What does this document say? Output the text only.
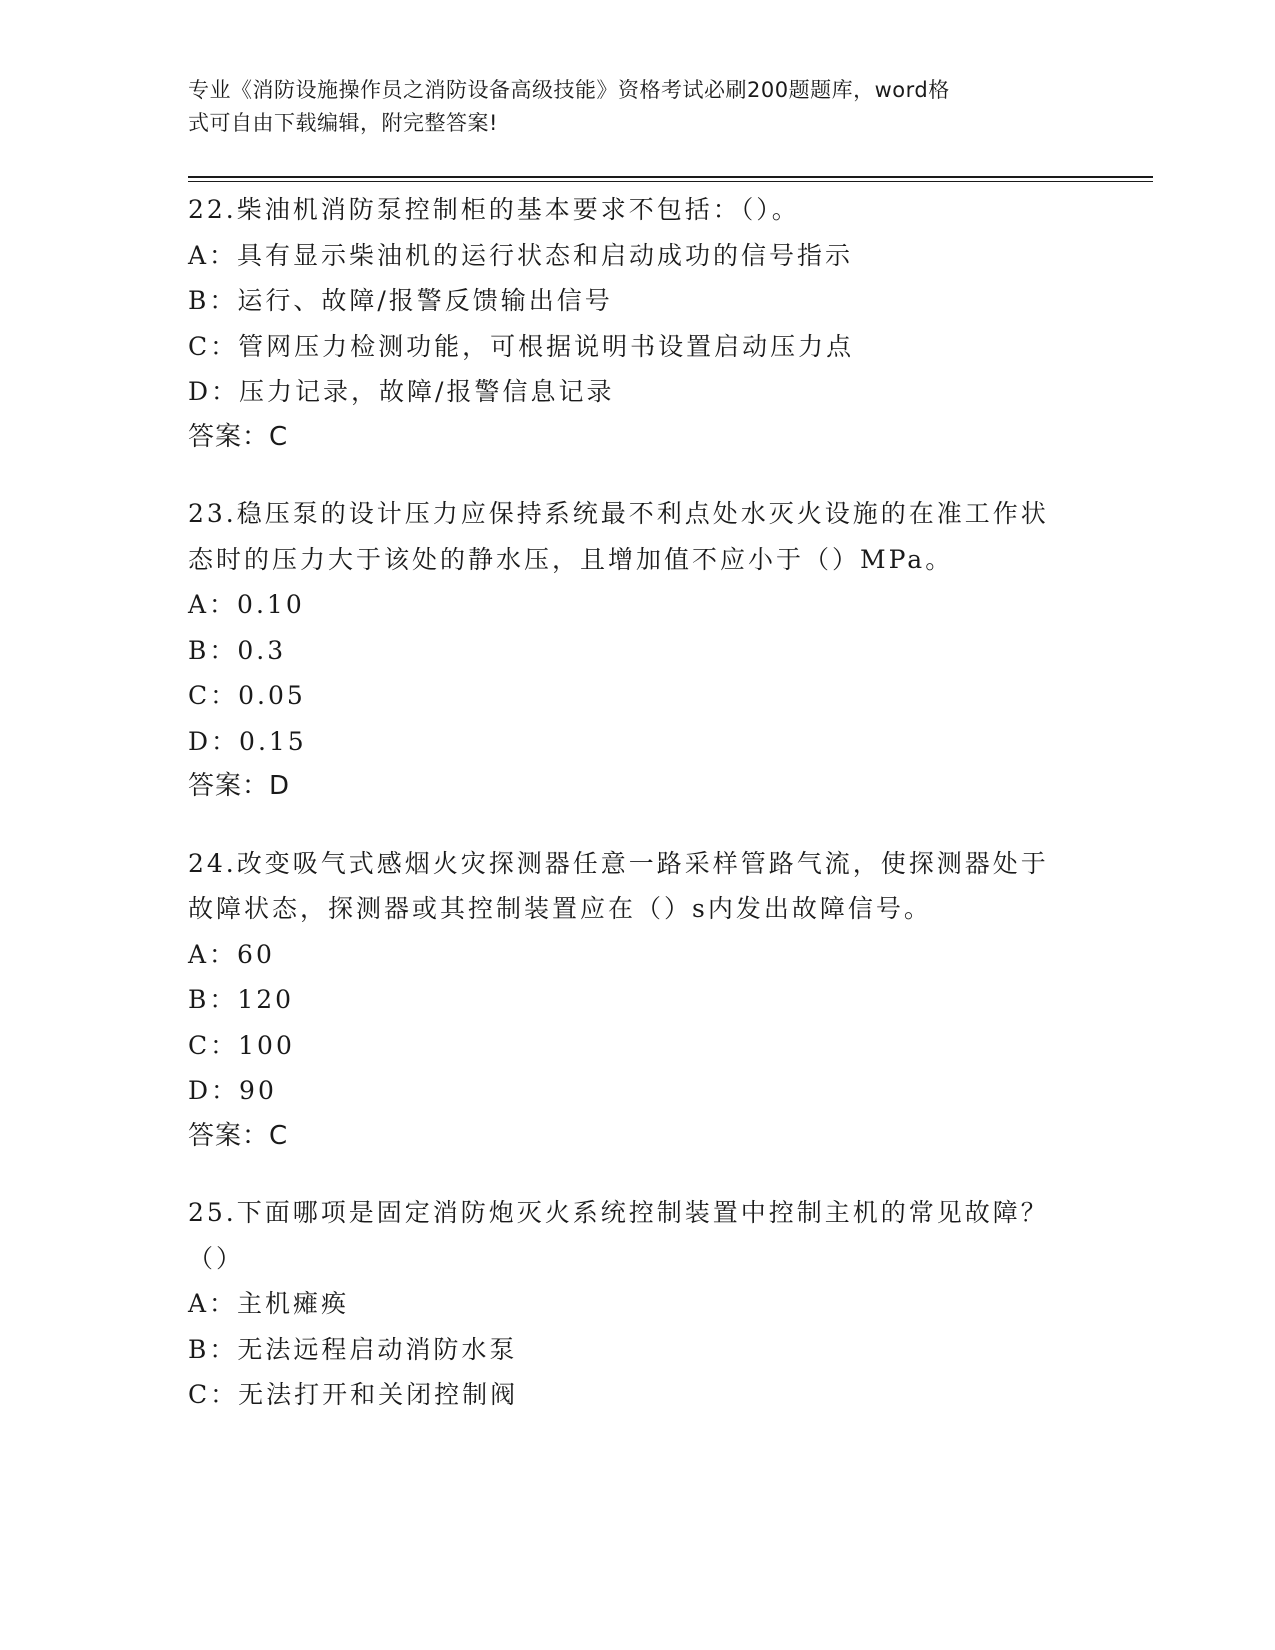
专业《消防设施操作员之消防设备高级技能》资格考试必刷200题题库，word格
式可自由下载编辑，附完整答案!
22.柴油机消防泵控制柜的基本要求不包括：（）。
A：具有显示柴油机的运行状态和启动成功的信号指示
B：运行、故障/报警反馈输出信号
C：管网压力检测功能，可根据说明书设置启动压力点
D：压力记录，故障/报警信息记录
答案：C
23.稳压泵的设计压力应保持系统最不利点处水灭火设施的在准工作状
态时的压力大于该处的静水压，且增加值不应小于（）MPa。
A：0.10
B：0.3
C：0.05
D：0.15
答案：D
24.改变吸气式感烟火灾探测器任意一路采样管路气流，使探测器处于
故障状态，探测器或其控制装置应在（）s内发出故障信号。
A：60
B：120
C：100
D：90
答案：C
25.下面哪项是固定消防炮灭火系统控制装置中控制主机的常见故障？
（）
A：主机瘫痪
B：无法远程启动消防水泵
C：无法打开和关闭控制阀
